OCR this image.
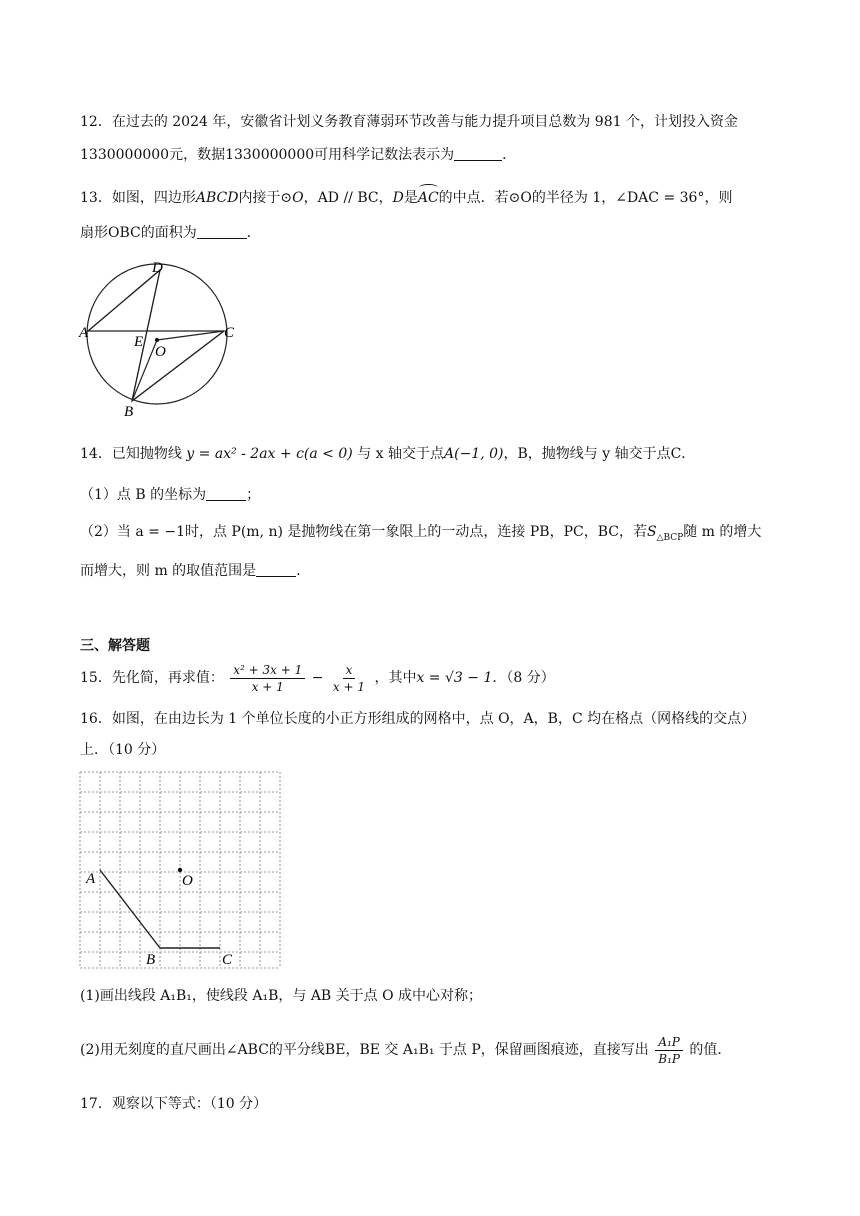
12．在过去的 2024 年，安徽省计划义务教育薄弱环节改善与能力提升项目总数为 981 个，计划投入资金
1330000000元，数据1330000000可用科学记数法表示为	．
13．如图，四边形ABCD内接于⊙O，AD // BC，D是AC的中点．若⊙O的半径为 1，∠DAC = 36°，则
扇形OBC的面积为	．
D
A	C
E
O
B
14．已知抛物线 y = ax² - 2ax + c(a < 0) 与 x 轴交于点A(−1, 0)，B，抛物线与 y 轴交于点C．
（1）点 B 的坐标为	；
（2）当 a = −1时，点 P(m, n) 是抛物线在第一象限上的一动点，连接 PB，PC，BC，若$S_{\triangle BCP}$随 m 的增大
而增大，则 m 的取值范围是	．
三、解答题
15．先化简，再求值： $\frac{\text{x² + 3x + 1}}{x + 1} - \frac{x}{x + 1}$ ，其中x = √3 − 1．（8 分）
16．如图，在由边长为 1 个单位长度的小正方形组成的网格中，点 O，A，B，C 均在格点（网格线的交点）
上．（10 分）
A	O
B	C
(1)画出线段 A₁B₁，使线段 A₁B，与 AB 关于点 O 成中心对称；
(2)用无刻度的直尺画出∠ABC的平分线BE，BE 交 A₁B₁ 于点 P，保留画图痕迹，直接写出 $\frac{\text{A₁P}}{\text{B₁P}}$ 的值.
17．观察以下等式：（10 分）
